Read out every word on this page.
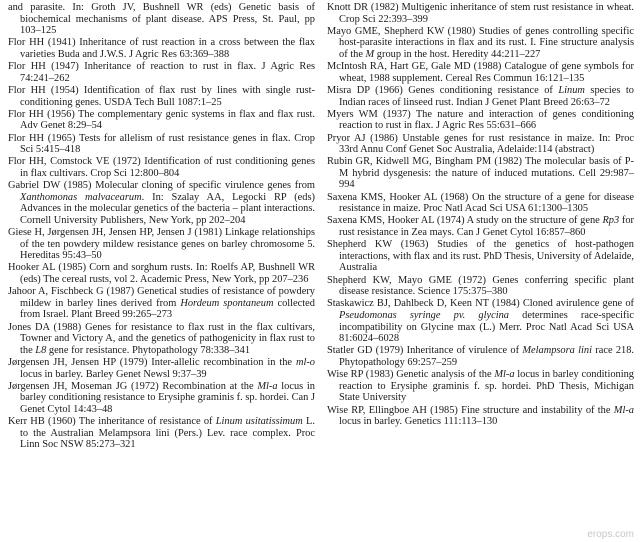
and parasite. In: Groth JV, Bushnell WR (eds) Genetic basis of biochemical mechanisms of plant disease. APS Press, St. Paul, pp 103–125

Flor HH (1941) Inheritance of rust reaction in a cross between the flax varieties Buda and J.W.S. J Agric Res 63:369–388

Flor HH (1947) Inheritance of reaction to rust in flax. J Agric Res 74:241–262

Flor HH (1954) Identification of flax rust by lines with single rust-conditioning genes. USDA Tech Bull 1087:1–25

Flor HH (1956) The complementary genic systems in flax and flax rust. Adv Genet 8:29–54

Flor HH (1965) Tests for allelism of rust resistance genes in flax. Crop Sci 5:415–418

Flor HH, Comstock VE (1972) Identification of rust conditioning genes in flax cultivars. Crop Sci 12:800–804

Gabriel DW (1985) Molecular cloning of specific virulence genes from Xanthomonas malvacearum. In: Szalay AA, Legocki RP (eds) Advances in the molecular genetics of the bacteria – plant interactions. Cornell University Publishers, New York, pp 202–204

Giese H, Jørgensen JH, Jensen HP, Jensen J (1981) Linkage relationships of the ten powdery mildew resistance genes on barley chromosome 5. Hereditas 95:43–50

Hooker AL (1985) Corn and sorghum rusts. In: Roelfs AP, Bushnell WR (eds) The cereal rusts, vol 2. Academic Press, New York, pp 207–236

Jahoor A, Fischbeck G (1987) Genetical studies of resistance of powdery mildew in barley lines derived from Hordeum spontaneum collected from Israel. Plant Breed 99:265–273

Jones DA (1988) Genes for resistance to flax rust in the flax cultivars, Towner and Victory A, and the genetics of pathogenicity in flax rust to the L8 gene for resistance. Phytopathology 78:338–341

Jørgensen JH, Jensen HP (1979) Inter-allelic recombination in the ml-o locus in barley. Barley Genet Newsl 9:37–39

Jørgensen JH, Moseman JG (1972) Recombination at the Ml-a locus in barley conditioning resistance to Erysiphe graminis f. sp. hordei. Can J Genet Cytol 14:43–48

Kerr HB (1960) The inheritance of resistance of Linum usitatissimum L. to the Australian Melampsora lini (Pers.) Lev. race complex. Proc Linn Soc NSW 85:273–321

Knott DR (1982) Multigenic inheritance of stem rust resistance in wheat. Crop Sci 22:393–399

Mayo GME, Shepherd KW (1980) Studies of genes controlling specific host-parasite interactions in flax and its rust. I. Fine structure analysis of the M group in the host. Heredity 44:211–227

McIntosh RA, Hart GE, Gale MD (1988) Catalogue of gene symbols for wheat, 1988 supplement. Cereal Res Commun 16:121–135

Misra DP (1966) Genes conditioning resistance of Linum species to Indian races of linseed rust. Indian J Genet Plant Breed 26:63–72

Myers WM (1937) The nature and interaction of genes conditioning reaction to rust in flax. J Agric Res 55:631–666

Pryor AJ (1986) Unstable genes for rust resistance in maize. In: Proc 33rd Annu Conf Genet Soc Australia, Adelaide:114 (abstract)

Rubin GR, Kidwell MG, Bingham PM (1982) The molecular basis of P-M hybrid dysgenesis: the nature of induced mutations. Cell 29:987–994

Saxena KMS, Hooker AL (1968) On the structure of a gene for disease resistance in maize. Proc Natl Acad Sci USA 61:1300–1305

Saxena KMS, Hooker AL (1974) A study on the structure of gene Rp3 for rust resistance in Zea mays. Can J Genet Cytol 16:857–860

Shepherd KW (1963) Studies of the genetics of host-pathogen interactions, with flax and its rust. PhD Thesis, University of Adelaide, Australia

Shepherd KW, Mayo GME (1972) Genes conferring specific plant disease resistance. Science 175:375–380

Staskawicz BJ, Dahlbeck D, Keen NT (1984) Cloned avirulence gene of Pseudomonas syringe pv. glycina determines race-specific incompatibility on Glycine max (L.) Merr. Proc Natl Acad Sci USA 81:6024–6028

Statler GD (1979) Inheritance of virulence of Melampsora lini race 218. Phytopathology 69:257–259

Wise RP (1983) Genetic analysis of the Ml-a locus in barley conditioning reaction to Erysiphe graminis f. sp. hordei. PhD Thesis, Michigan State University

Wise RP, Ellingboe AH (1985) Fine structure and instability of the Ml-a locus in barley. Genetics 111:113–130

erops.com
